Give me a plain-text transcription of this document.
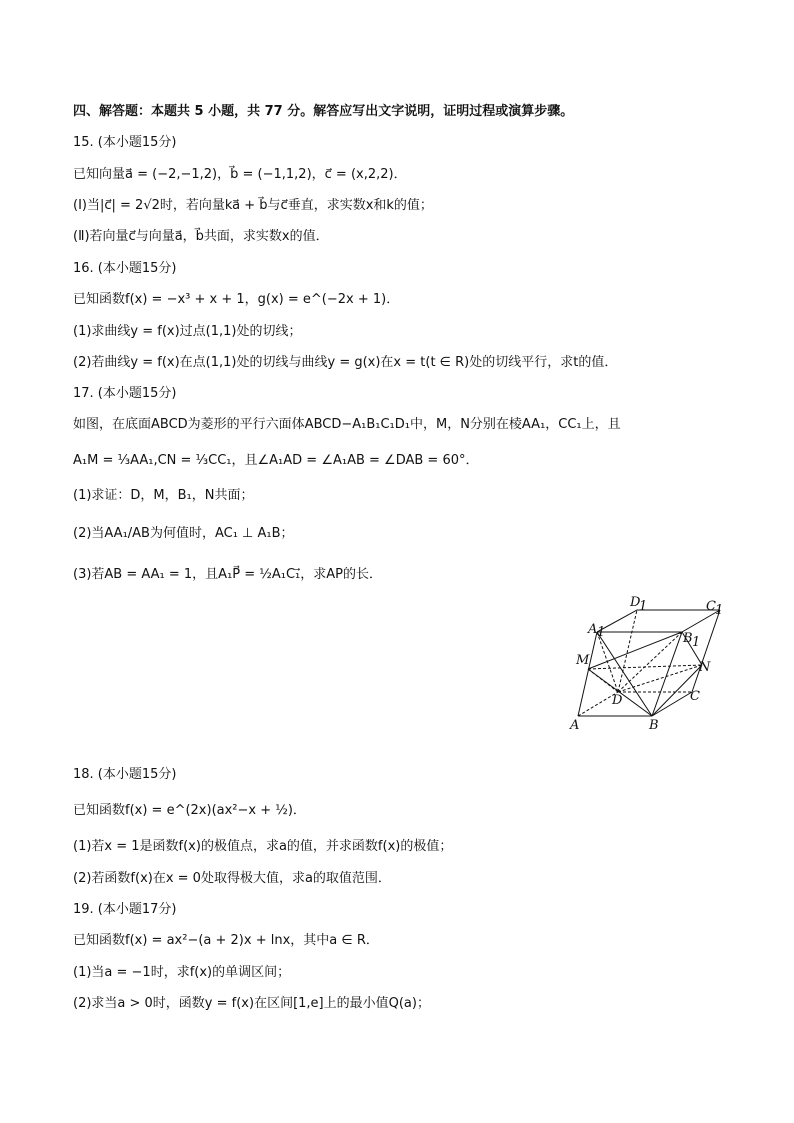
四、解答题：本题共 5 小题，共 77 分。解答应写出文字说明，证明过程或演算步骤。
15. (本小题15分)
已知向量a⃗ = (−2,−1,2)，b⃗ = (−1,1,2)，c⃗ = (x,2,2)．
(Ⅰ)当|c⃗| = 2√2时，若向量ka⃗ + b⃗与c⃗垂直，求实数x和k的值；
(Ⅱ)若向量c⃗与向量a⃗，b⃗共面，求实数x的值．
16. (本小题15分)
已知函数f(x) = −x³ + x + 1，g(x) = e^(−2x + 1)．
(1)求曲线y = f(x)过点(1,1)处的切线；
(2)若曲线y = f(x)在点(1,1)处的切线与曲线y = g(x)在x = t(t ∈ R)处的切线平行，求t的值．
17. (本小题15分)
如图，在底面ABCD为菱形的平行六面体ABCD−A₁B₁C₁D₁中，M，N分别在棱AA₁，CC₁上，且
A₁M = ⅓AA₁,CN = ⅓CC₁，且∠A₁AD = ∠A₁AB = ∠DAB = 60°．
(1)求证：D，M，B₁，N共面；
(2)当AA₁/AB为何值时，AC₁ ⊥ A₁B；
(3)若AB = AA₁ = 1，且A₁P⃗ = ½A₁C₁⃗，求AP的长．
A	B
C
D
A 1	B 1
C 1
D
1
M	N
18. (本小题15分)
已知函数f(x) = e^(2x)(ax²−x + ½)．
(1)若x = 1是函数f(x)的极值点，求a的值，并求函数f(x)的极值；
(2)若函数f(x)在x = 0处取得极大值，求a的取值范围．
19. (本小题17分)
已知函数f(x) = ax²−(a + 2)x + lnx，其中a ∈ R．
(1)当a = −1时，求f(x)的单调区间；
(2)求当a > 0时，函数y = f(x)在区间[1,e]上的最小值Q(a)；
